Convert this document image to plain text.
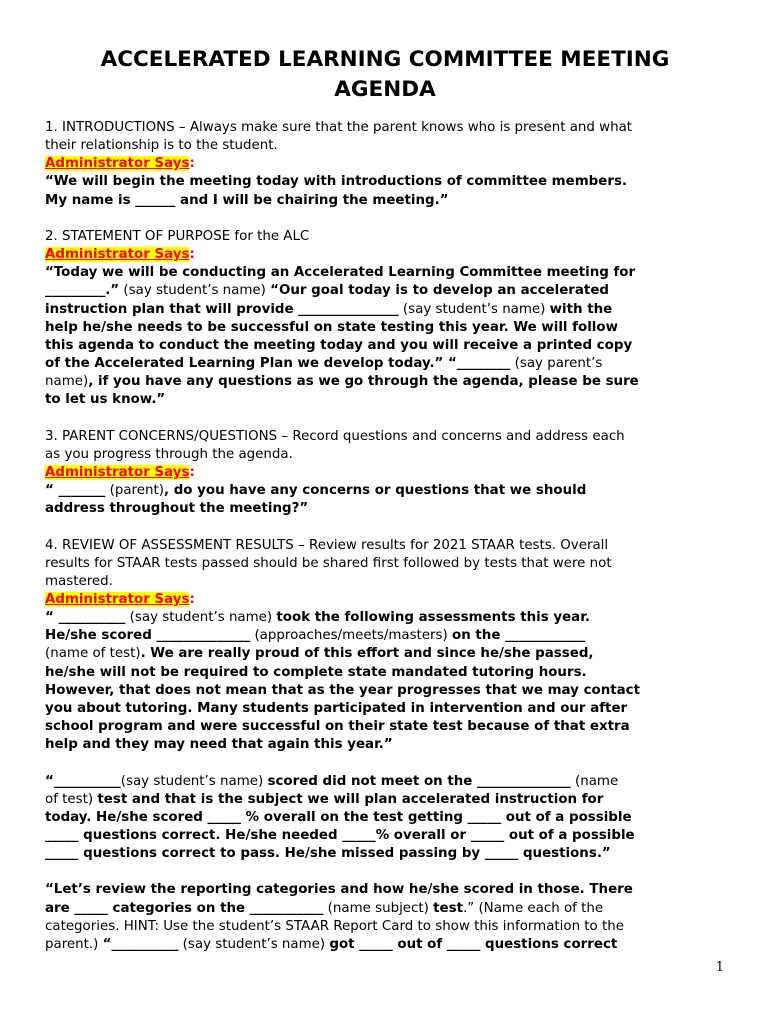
ACCELERATED LEARNING COMMITTEE MEETING
AGENDA
1. INTRODUCTIONS – Always make sure that the parent knows who is present and what
their relationship is to the student.
Administrator Says:
“We will begin the meeting today with introductions of committee members.
My name is ______ and I will be chairing the meeting.”
2. STATEMENT OF PURPOSE for the ALC
Administrator Says:
“Today we will be conducting an Accelerated Learning Committee meeting for
_________.” (say student’s name) “Our goal today is to develop an accelerated
instruction plan that will provide _______________ (say student’s name) with the
help he/she needs to be successful on state testing this year. We will follow
this agenda to conduct the meeting today and you will receive a printed copy
of the Accelerated Learning Plan we develop today.” “________ (say parent’s
name), if you have any questions as we go through the agenda, please be sure
to let us know.”
3. PARENT CONCERNS/QUESTIONS – Record questions and concerns and address each
as you progress through the agenda.
Administrator Says:
“ _______ (parent), do you have any concerns or questions that we should
address throughout the meeting?”
4. REVIEW OF ASSESSMENT RESULTS – Review results for 2021 STAAR tests. Overall
results for STAAR tests passed should be shared first followed by tests that were not
mastered.
Administrator Says:
“ __________ (say student’s name) took the following assessments this year.
He/she scored ______________ (approaches/meets/masters) on the ____________
(name of test). We are really proud of this effort and since he/she passed,
he/she will not be required to complete state mandated tutoring hours.
However, that does not mean that as the year progresses that we may contact
you about tutoring. Many students participated in intervention and our after
school program and were successful on their state test because of that extra
help and they may need that again this year.”
“__________(say student’s name) scored did not meet on the ______________ (name
of test) test and that is the subject we will plan accelerated instruction for
today. He/she scored _____ % overall on the test getting _____ out of a possible
_____ questions correct. He/she needed _____% overall or _____ out of a possible
_____ questions correct to pass. He/she missed passing by _____ questions.”
“Let’s review the reporting categories and how he/she scored in those. There
are _____ categories on the ___________ (name subject) test.” (Name each of the
categories. HINT: Use the student’s STAAR Report Card to show this information to the
parent.) “__________ (say student’s name) got _____ out of _____ questions correct
1
